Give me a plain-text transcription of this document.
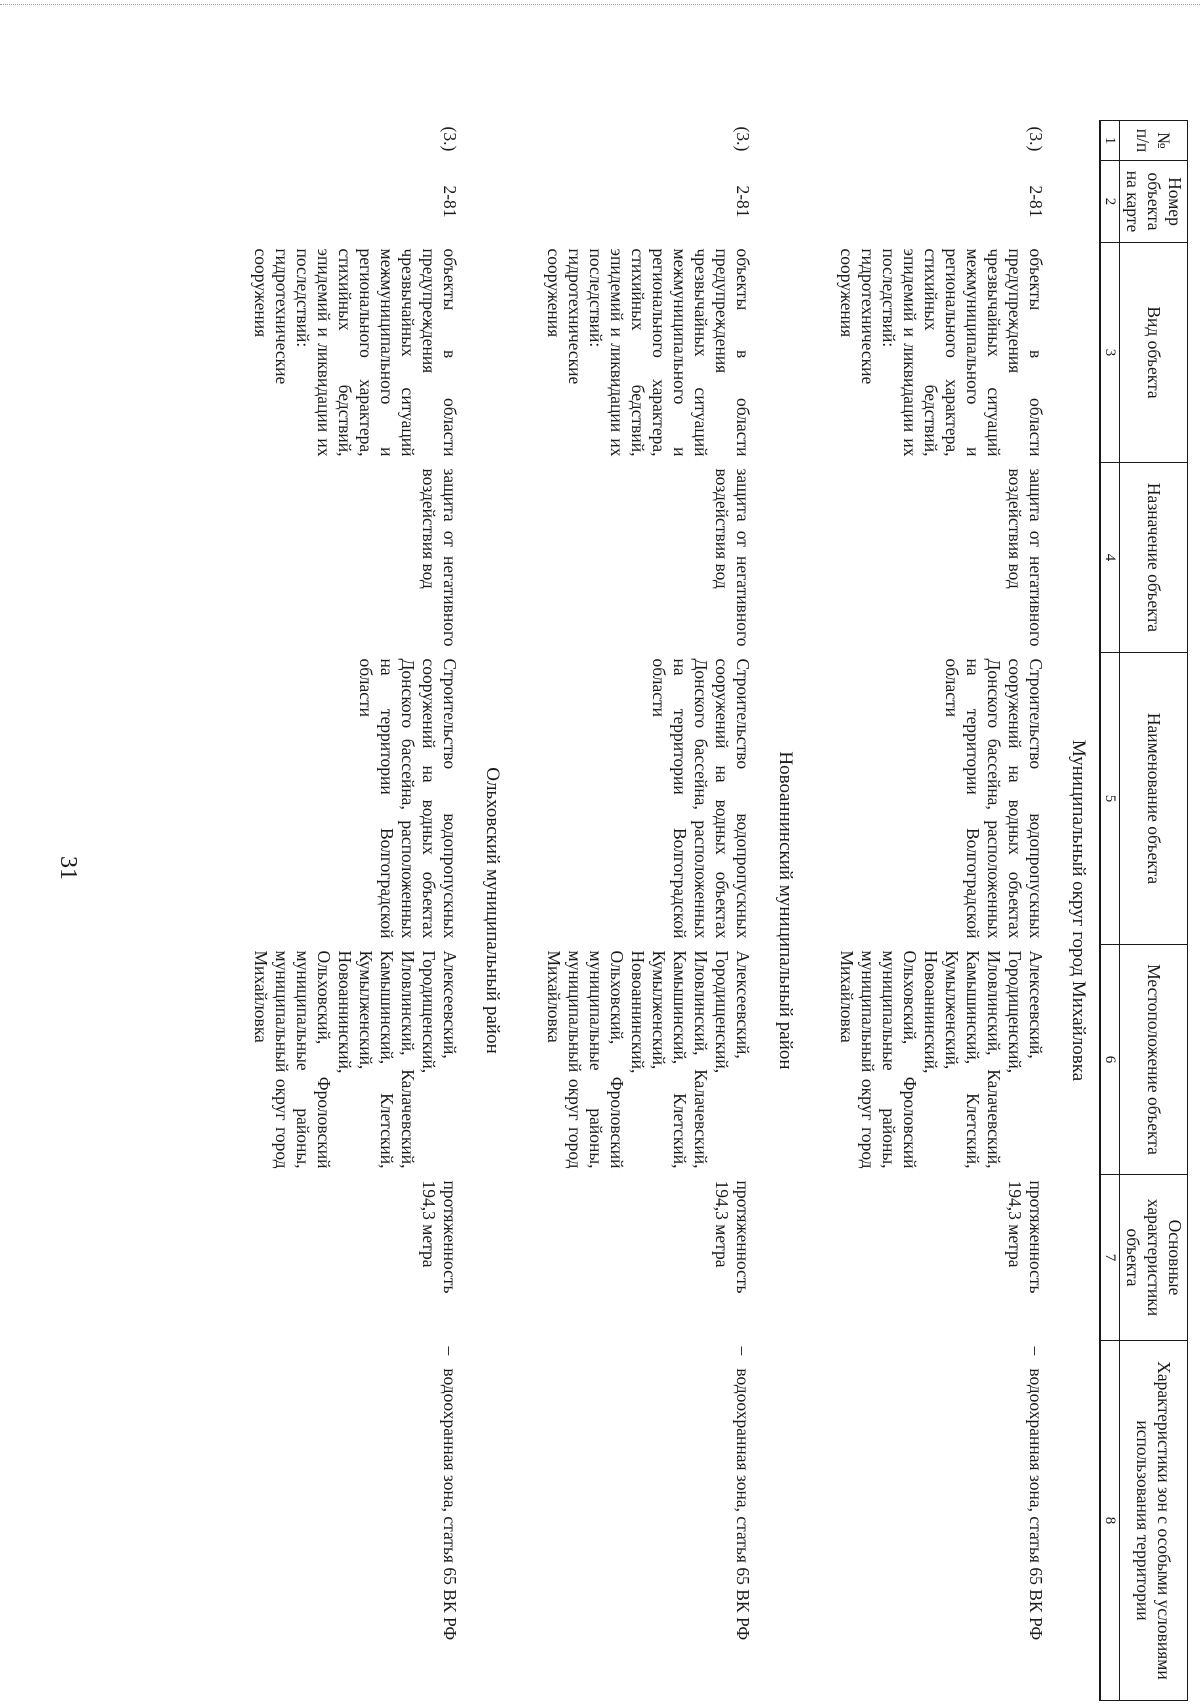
31
№ п/п	Номер объекта на карте	Вид объекта	Назначение объекта	Наименование объекта	Местоположение объекта	Основные характеристики объекта	Характеристики зон с особыми условиями использования территории
1	2	3	4	5	6	7	8
Муниципальный округ город Михайловка							
(3.)	2-81	объекты в области предупреждения чрезвычайных ситуаций межмуниципального и регионального характера, стихийных бедствий, эпидемий и ликвидации их последствий: гидротехнические сооружения	защита от негативного воздействия вод	Строительство водопропускных сооружений на водных объектах Донского бассейна, расположенных на территории Волгоградской области	Алексеевский, Городищенский, Иловлинский, Калачевский, Камышинский, Клетский, Кумылженский, Новоаннинский, Ольховский, Фроловский муниципальные районы, муниципальный округ город Михайловка	протяженность 194,3 метра	–   водоохранная зона, статья 65 ВК РФ
Новоаннинский муниципальный район							
(3.)	2-81	объекты в области предупреждения чрезвычайных ситуаций межмуниципального и регионального характера, стихийных бедствий, эпидемий и ликвидации их последствий: гидротехнические сооружения	защита от негативного воздействия вод	Строительство водопропускных сооружений на водных объектах Донского бассейна, расположенных на территории Волгоградской области	Алексеевский, Городищенский, Иловлинский, Калачевский, Камышинский, Клетский, Кумылженский, Новоаннинский, Ольховский, Фроловский муниципальные районы, муниципальный округ город Михайловка	протяженность 194,3 метра	–   водоохранная зона, статья 65 ВК РФ
Ольховский муниципальный район							
(3.)	2-81	объекты в области предупреждения чрезвычайных ситуаций межмуниципального и регионального характера, стихийных бедствий, эпидемий и ликвидации их последствий: гидротехнические сооружения	защита от негативного воздействия вод	Строительство водопропускных сооружений на водных объектах Донского бассейна, расположенных на территории Волгоградской области	Алексеевский, Городищенский, Иловлинский, Калачевский, Камышинский, Клетский, Кумылженский, Новоаннинский, Ольховский, Фроловский муниципальные районы, муниципальный округ город Михайловка	протяженность 194,3 метра	–   водоохранная зона, статья 65 ВК РФ
